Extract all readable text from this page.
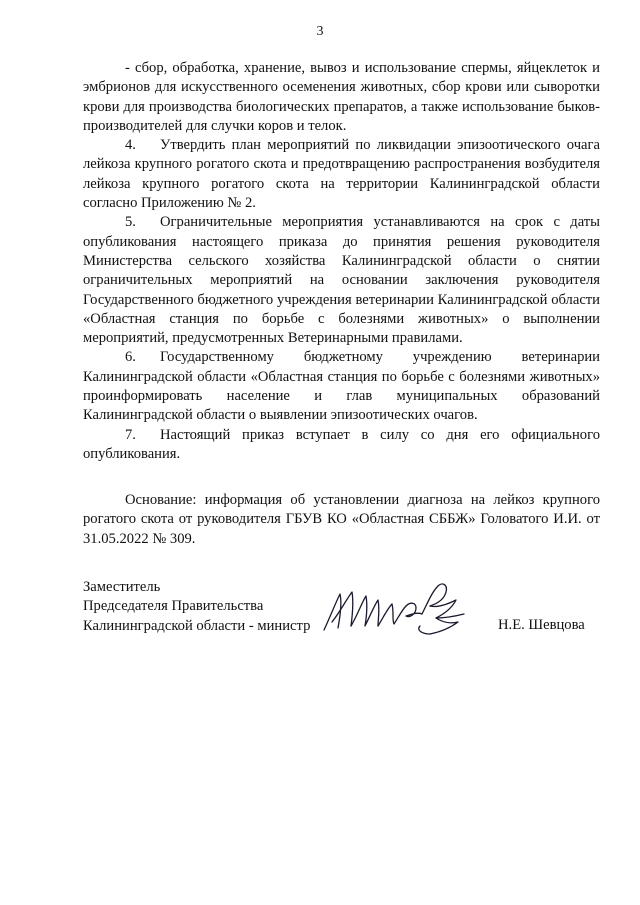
3

- сбор, обработка, хранение, вывоз и использование спермы, яйцеклеток и эмбрионов для искусственного осеменения животных, сбор крови или сыворотки крови для производства биологических препаратов, а также использование быков-производителей для случки коров и телок.

4. Утвердить план мероприятий по ликвидации эпизоотического очага лейкоза крупного рогатого скота и предотвращению распространения возбудителя лейкоза крупного рогатого скота на территории Калининградской области согласно Приложению № 2.

5. Ограничительные мероприятия устанавливаются на срок с даты опубликования настоящего приказа до принятия решения руководителя Министерства сельского хозяйства Калининградской области о снятии ограничительных мероприятий на основании заключения руководителя Государственного бюджетного учреждения ветеринарии Калининградской области «Областная станция по борьбе с болезнями животных» о выполнении мероприятий, предусмотренных Ветеринарными правилами.

6. Государственному бюджетному учреждению ветеринарии Калининградской области «Областная станция по борьбе с болезнями животных» проинформировать население и глав муниципальных образований Калининградской области о выявлении эпизоотических очагов.

7. Настоящий приказ вступает в силу со дня его официального опубликования.

Основание: информация об установлении диагноза на лейкоз крупного рогатого скота от руководителя ГБУВ КО «Областная СББЖ» Головатого И.И. от 31.05.2022 № 309.

Заместитель
Председателя Правительства
Калининградской области - министр	Н.Е. Шевцова
